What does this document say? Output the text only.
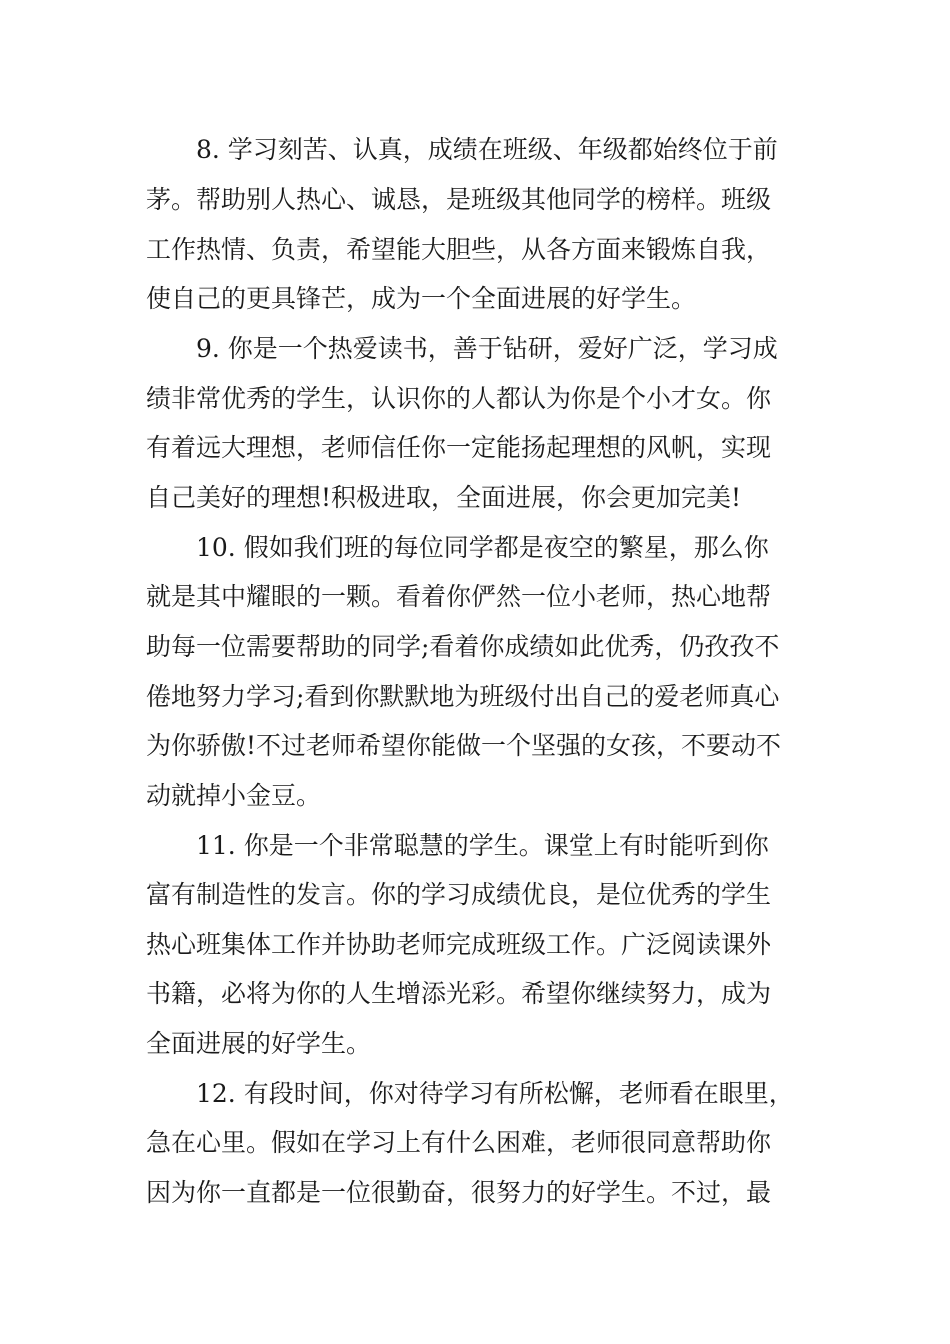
8. 学习刻苦、认真，成绩在班级、年级都始终位于前
茅。帮助别人热心、诚恳，是班级其他同学的榜样。班级
工作热情、负责，希望能大胆些，从各方面来锻炼自我，
使自己的更具锋芒，成为一个全面进展的好学生。
9. 你是一个热爱读书，善于钻研，爱好广泛，学习成
绩非常优秀的学生，认识你的人都认为你是个小才女。你
有着远大理想，老师信任你一定能扬起理想的风帆，实现
自己美好的理想!积极进取，全面进展，你会更加完美!
10. 假如我们班的每位同学都是夜空的繁星，那么你
就是其中耀眼的一颗。看着你俨然一位小老师，热心地帮
助每一位需要帮助的同学;看着你成绩如此优秀，仍孜孜不
倦地努力学习;看到你默默地为班级付出自己的爱老师真心
为你骄傲!不过老师希望你能做一个坚强的女孩，不要动不
动就掉小金豆。
11. 你是一个非常聪慧的学生。课堂上有时能听到你
富有制造性的发言。你的学习成绩优良，是位优秀的学生
热心班集体工作并协助老师完成班级工作。广泛阅读课外
书籍，必将为你的人生增添光彩。希望你继续努力，成为
全面进展的好学生。
12. 有段时间，你对待学习有所松懈，老师看在眼里，
急在心里。假如在学习上有什么困难，老师很同意帮助你
因为你一直都是一位很勤奋，很努力的好学生。不过，最
